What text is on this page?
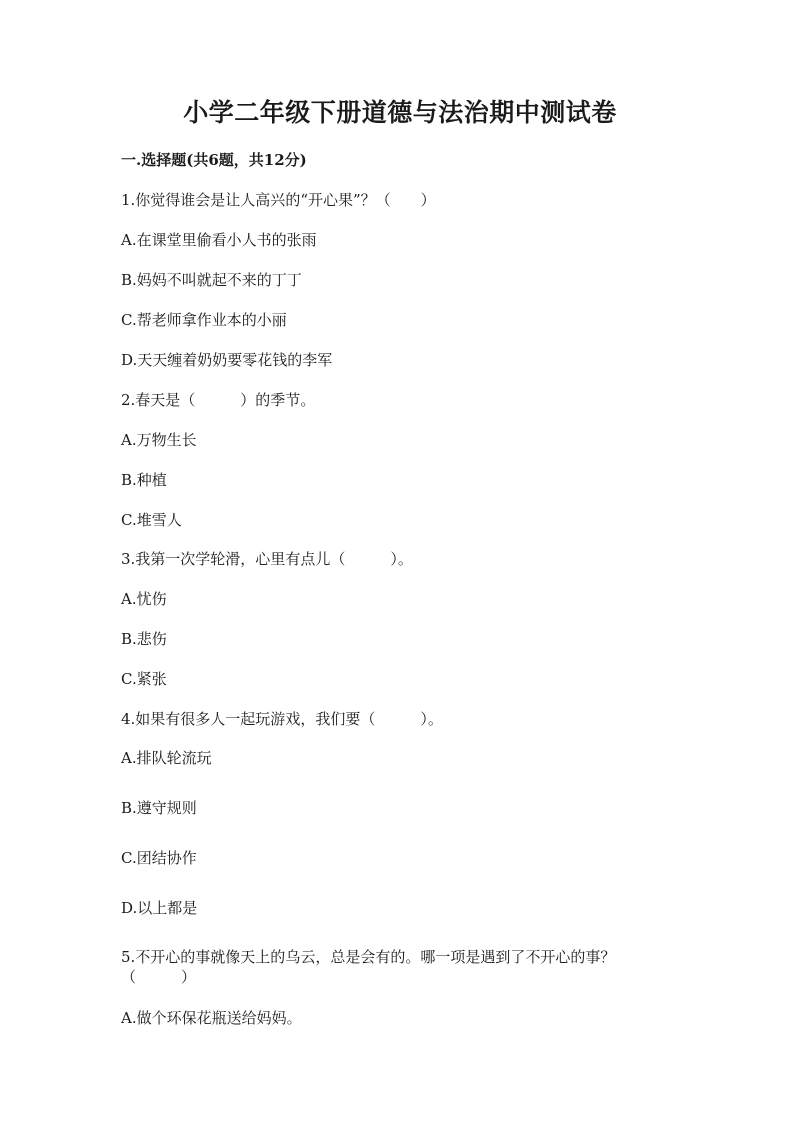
小学二年级下册道德与法治期中测试卷
一.选择题(共6题，共12分)
1.你觉得谁会是让人高兴的“开心果”？（　　）
A.在课堂里偷看小人书的张雨
B.妈妈不叫就起不来的丁丁
C.帮老师拿作业本的小丽
D.天天缠着奶奶要零花钱的李军
2.春天是（　　　）的季节。
A.万物生长
B.种植
C.堆雪人
3.我第一次学轮滑，心里有点儿（　　　）。
A.忧伤
B.悲伤
C.紧张
4.如果有很多人一起玩游戏，我们要（　　　）。
A.排队轮流玩
B.遵守规则
C.团结协作
D.以上都是
5.不开心的事就像天上的乌云，总是会有的。哪一项是遇到了不开心的事？
（　　　）
A.做个环保花瓶送给妈妈。
